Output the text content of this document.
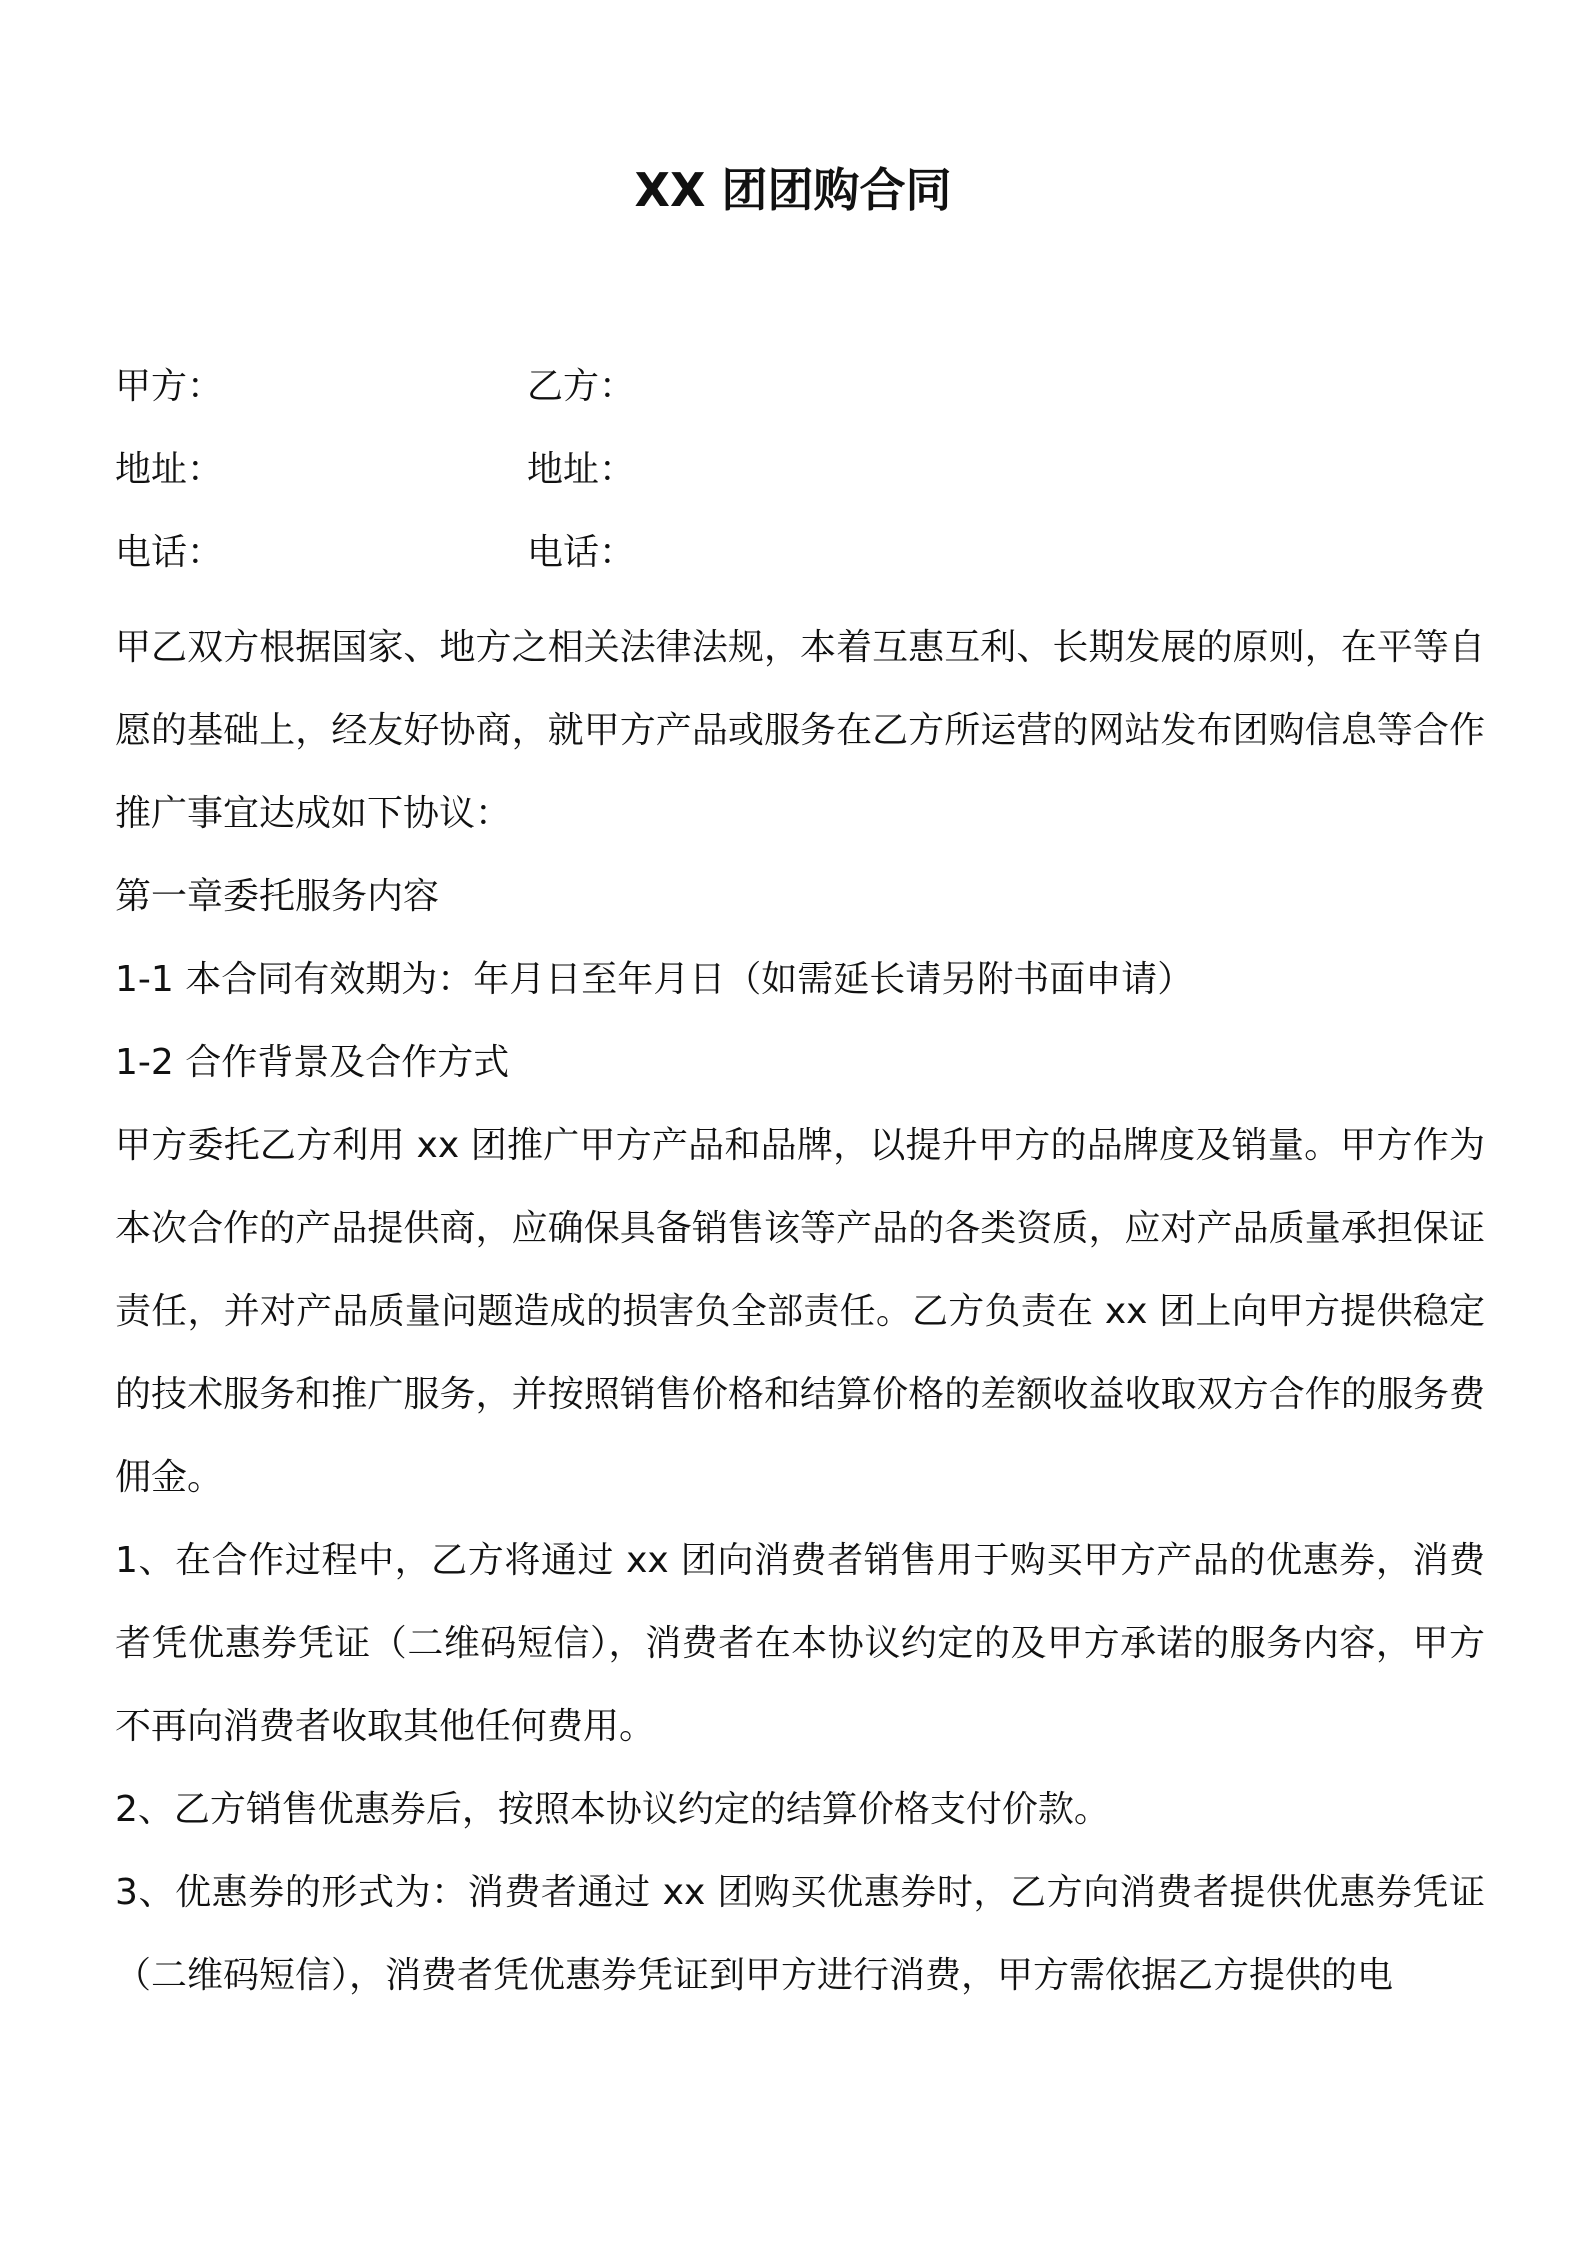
XX 团团购合同
甲方：	乙方：
地址：	地址：
电话：	电话：

甲乙双方根据国家、地方之相关法律法规，本着互惠互利、长期发展的原则，在平等自愿的基础上，经友好协商，就甲方产品或服务在乙方所运营的网站发布团购信息等合作推广事宜达成如下协议：

第一章委托服务内容

1-1 本合同有效期为：年月日至年月日（如需延长请另附书面申请）

1-2 合作背景及合作方式

甲方委托乙方利用 xx 团推广甲方产品和品牌，以提升甲方的品牌度及销量。甲方作为本次合作的产品提供商，应确保具备销售该等产品的各类资质，应对产品质量承担保证责任，并对产品质量问题造成的损害负全部责任。乙方负责在 xx 团上向甲方提供稳定的技术服务和推广服务，并按照销售价格和结算价格的差额收益收取双方合作的服务费佣金。

1、在合作过程中，乙方将通过 xx 团向消费者销售用于购买甲方产品的优惠券，消费者凭优惠券凭证（二维码短信），消费者在本协议约定的及甲方承诺的服务内容，甲方不再向消费者收取其他任何费用。

2、乙方销售优惠券后，按照本协议约定的结算价格支付价款。

3、优惠券的形式为：消费者通过 xx 团购买优惠券时，乙方向消费者提供优惠券凭证（二维码短信），消费者凭优惠券凭证到甲方进行消费，甲方需依据乙方提供的电
